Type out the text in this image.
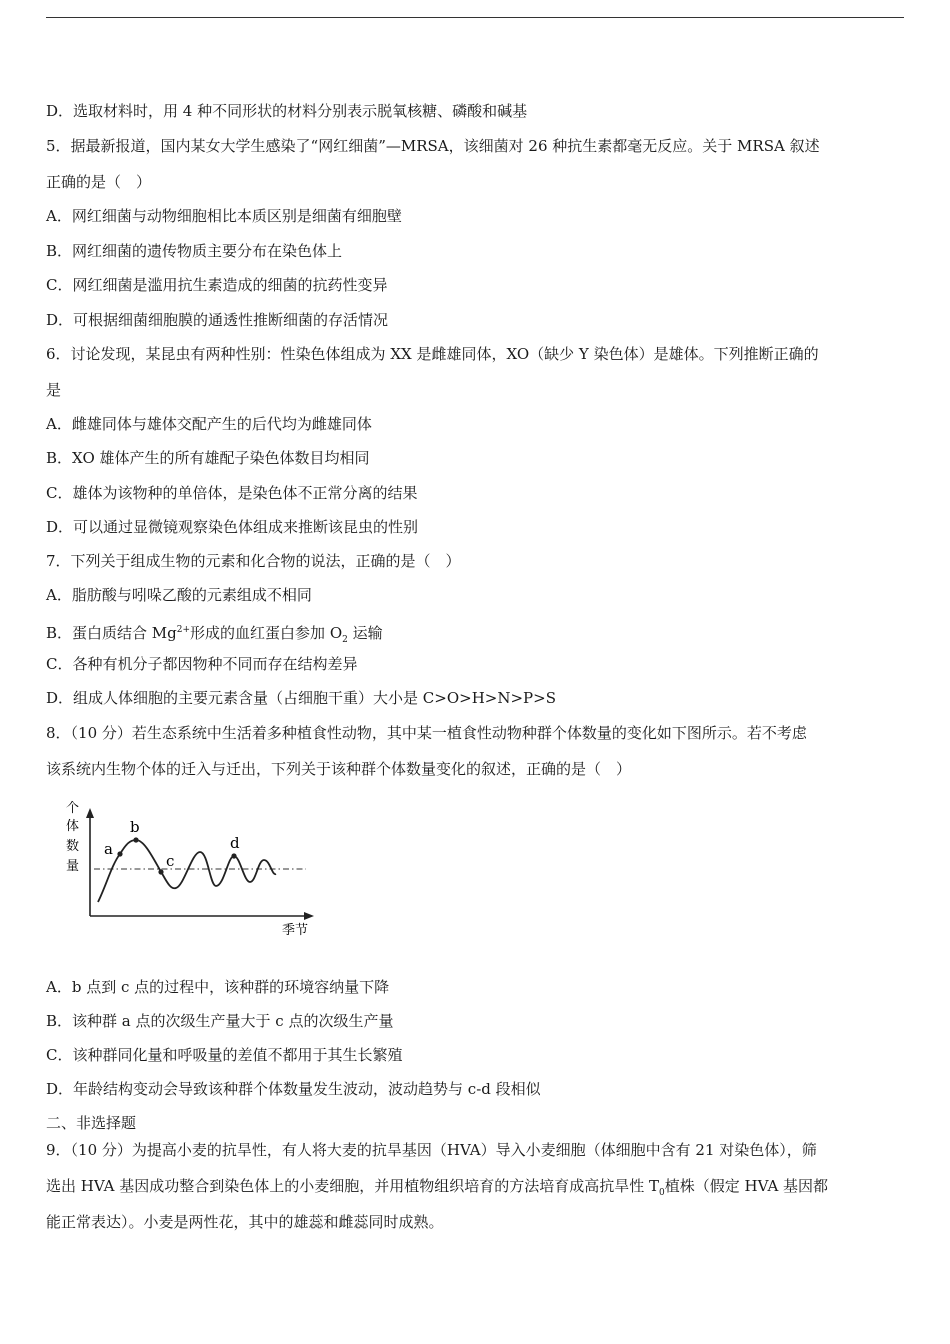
D．选取材料时，用 4 种不同形状的材料分别表示脱氧核糖、磷酸和碱基
5．据最新报道，国内某女大学生感染了“网红细菌”—MRSA，该细菌对 26 种抗生素都毫无反应。关于 MRSA 叙述
正确的是（　）
A．网红细菌与动物细胞相比本质区别是细菌有细胞壁
B．网红细菌的遗传物质主要分布在染色体上
C．网红细菌是滥用抗生素造成的细菌的抗药性变异
D．可根据细菌细胞膜的通透性推断细菌的存活情况
6．讨论发现，某昆虫有两种性别：性染色体组成为 XX 是雌雄同体，XO（缺少 Y 染色体）是雄体。下列推断正确的
是
A．雌雄同体与雄体交配产生的后代均为雌雄同体
B．XO 雄体产生的所有雄配子染色体数目均相同
C．雄体为该物种的单倍体，是染色体不正常分离的结果
D．可以通过显微镜观察染色体组成来推断该昆虫的性别
7．下列关于组成生物的元素和化合物的说法，正确的是（　）
A．脂肪酸与吲哚乙酸的元素组成不相同
B．蛋白质结合 $Mg^{2+}$形成的血红蛋白参加 $O_2$ 运输
C．各种有机分子都因物种不同而存在结构差异
D．组成人体细胞的主要元素含量（占细胞干重）大小是 C>O>H>N>P>S
8．（10 分）若生态系统中生活着多种植食性动物，其中某一植食性动物种群个体数量的变化如下图所示。若不考虑
该系统内生物个体的迁入与迁出，下列关于该种群个体数量变化的叙述，正确的是（　）
个
体
数
量
季节
a
b
c
d
A．b 点到 c 点的过程中，该种群的环境容纳量下降
B．该种群 a 点的次级生产量大于 c 点的次级生产量
C．该种群同化量和呼吸量的差值不都用于其生长繁殖
D．年龄结构变动会导致该种群个体数量发生波动，波动趋势与 c-d 段相似
二、非选择题
9．（10 分）为提高小麦的抗旱性，有人将大麦的抗旱基因（HVA）导入小麦细胞（体细胞中含有 21 对染色体），筛
选出 HVA 基因成功整合到染色体上的小麦细胞，并用植物组织培育的方法培育成高抗旱性 $T_0$植株（假定 HVA 基因都
能正常表达）。小麦是两性花，其中的雄蕊和雌蕊同时成熟。
